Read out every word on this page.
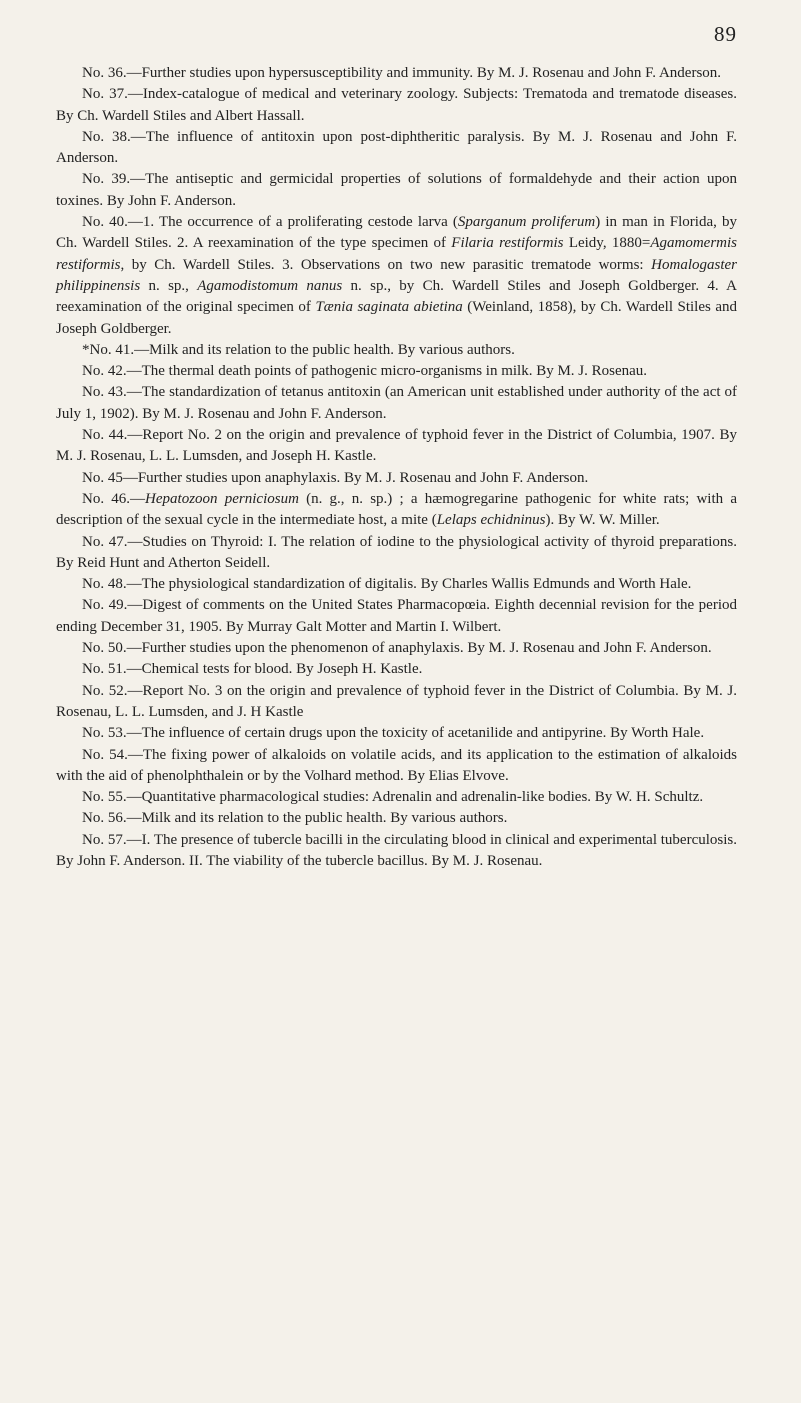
89

No. 36.—Further studies upon hypersusceptibility and immunity. By M. J. Rosenau and John F. Anderson.

No. 37.—Index-catalogue of medical and veterinary zoology. Subjects: Trematoda and trematode diseases. By Ch. Wardell Stiles and Albert Hassall.

No. 38.—The influence of antitoxin upon post-diphtheritic paralysis. By M. J. Rosenau and John F. Anderson.

No. 39.—The antiseptic and germicidal properties of solutions of formaldehyde and their action upon toxines. By John F. Anderson.

No. 40.—1. The occurrence of a proliferating cestode larva (Sparganum proliferum) in man in Florida, by Ch. Wardell Stiles. 2. A reexamination of the type specimen of Filaria restiformis Leidy, 1880=Agamomermis restiformis, by Ch. Wardell Stiles. 3. Observations on two new parasitic trematode worms: Homalogaster philippinensis n. sp., Agamodistomum nanus n. sp., by Ch. Wardell Stiles and Joseph Goldberger. 4. A reexamination of the original specimen of Tænia saginata abietina (Weinland, 1858), by Ch. Wardell Stiles and Joseph Goldberger.

*No. 41.—Milk and its relation to the public health. By various authors.

No. 42.—The thermal death points of pathogenic micro-organisms in milk. By M. J. Rosenau.

No. 43.—The standardization of tetanus antitoxin (an American unit established under authority of the act of July 1, 1902). By M. J. Rosenau and John F. Anderson.

No. 44.—Report No. 2 on the origin and prevalence of typhoid fever in the District of Columbia, 1907. By M. J. Rosenau, L. L. Lumsden, and Joseph H. Kastle.

No. 45—Further studies upon anaphylaxis. By M. J. Rosenau and John F. Anderson.

No. 46.—Hepatozoon perniciosum (n. g., n. sp.) ; a hæmogregarine pathogenic for white rats; with a description of the sexual cycle in the intermediate host, a mite (Lelaps echidninus). By W. W. Miller.

No. 47.—Studies on Thyroid: I. The relation of iodine to the physiological activity of thyroid preparations. By Reid Hunt and Atherton Seidell.

No. 48.—The physiological standardization of digitalis. By Charles Wallis Edmunds and Worth Hale.

No. 49.—Digest of comments on the United States Pharmacopœia. Eighth decennial revision for the period ending December 31, 1905. By Murray Galt Motter and Martin I. Wilbert.

No. 50.—Further studies upon the phenomenon of anaphylaxis. By M. J. Rosenau and John F. Anderson.

No. 51.—Chemical tests for blood. By Joseph H. Kastle.

No. 52.—Report No. 3 on the origin and prevalence of typhoid fever in the District of Columbia. By M. J. Rosenau, L. L. Lumsden, and J. H Kastle

No. 53.—The influence of certain drugs upon the toxicity of acetanilide and antipyrine. By Worth Hale.

No. 54.—The fixing power of alkaloids on volatile acids, and its application to the estimation of alkaloids with the aid of phenolphthalein or by the Volhard method. By Elias Elvove.

No. 55.—Quantitative pharmacological studies: Adrenalin and adrenalin-like bodies. By W. H. Schultz.

No. 56.—Milk and its relation to the public health. By various authors.

No. 57.—I. The presence of tubercle bacilli in the circulating blood in clinical and experimental tuberculosis. By John F. Anderson. II. The viability of the tubercle bacillus. By M. J. Rosenau.
